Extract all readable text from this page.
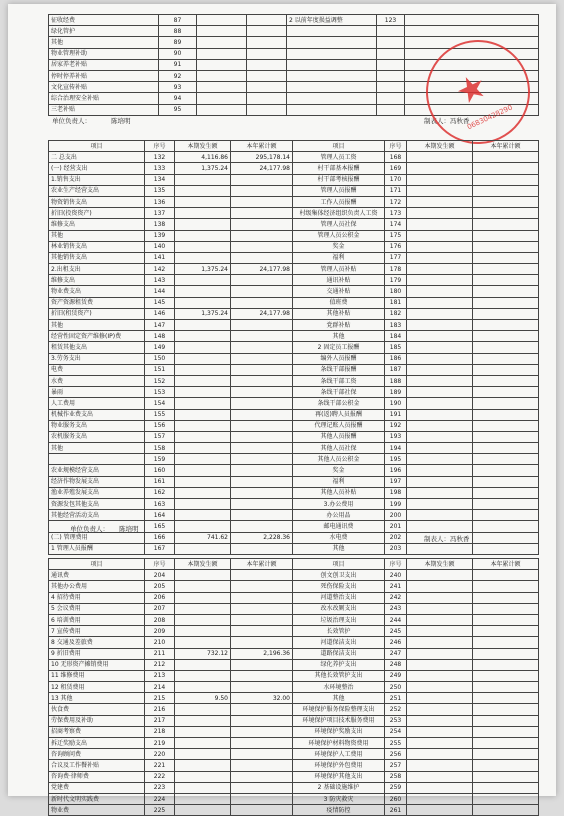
征收经费	87			2 以前年度损益调整	123	
绿化管护	88					
其他	89					
物业管理补助	90					
居家养老补贴	91					
停时停养补贴	92					
文化宣传补贴	93					
综合治理安全补贴	94					
三老补贴	95					
单位负责人：	陈培明	制表人：冯秋香
★
06830428290
项目	序号	本期发生额	本年累计额	项目	序号	本期发生额	本年累计额
二 总支出	132	4,116.86	295,178.14	管理人员工资	168		
(一) 经营支出	133	1,375.24	24,177.98	村干部基本报酬	169		
1.销售支出	134			村干部考核报酬	170		
农业生产经营支出	135			管理人员报酬	171		
物资销售支出	136			工作人员报酬	172		
折旧(投资资产)	137			村级集体经济组织负责人工资	173		
维修支出	138			管理人员社保	174		
其他	139			管理人员公积金	175		
林业销售支出	140			奖金	176		
其他销售支出	141			福利	177		
2.出租支出	142	1,375.24	24,177.98	管理人员补贴	178		
维修支出	143			通讯补贴	179		
物业费支出	144			交通补贴	180		
资产资源租赁费	145			值班费	181		
折旧(租赁资产)	146	1,375.24	24,177.98	其他补贴	182		
其他	147			党群补贴	183		
经营性固定资产维修(IP)费	148			其他	184		
租赁其他支出	149			2 固定员工报酬	185		
3.劳务支出	150			编外人员报酬	186		
电费	151			条线干部报酬	187		
水费	152			条线干部工资	188		
暴雨	153			条线干部社保	189		
人工费用	154			条线干部公积金	190		
机械作业费支出	155			再(返)聘人员报酬	191		
物业服务支出	156			代理记账人员报酬	192		
农机服务支出	157			其他人员报酬	193		
其他	158			其他人员社保	194		
	159			其他人员公积金	195		
农业规模经营支出	160			奖金	196		
经济作物发展支出	161			福利	197		
渔业养殖发展支出	162			其他人员补贴	198		
资源发包其他支出	163			3.办公费用	199		
其他经营活动支出	164			办公用品	200		
	165			邮电通讯费	201		
(二) 管理费用	166	741.62	2,228.36	水电费	202		
1 管理人员报酬	167			其他	203		
单位负责人： 陈培明
制表人：冯秋香
项目	序号	本期发生额	本年累计额	项目	序号	本期发生额	本年累计额
通讯费	204			创文创卫支出	240		
其他办公费用	205			死伤保险支出	241		
4 招待费用	206			河道整治支出	242		
5 会议费用	207			改水改厕支出	243		
6 培训费用	208			垃圾治理支出	244		
7 宣传费用	209			长效管护	245		
8 交通及差旅费	210			河道保洁支出	246		
9 折旧费用	211	732.12	2,196.36	道路保洁支出	247		
10 无形资产摊销费用	212			绿化养护支出	248		
11 维修费用	213			其他长效管护支出	249		
12 租赁费用	214			水环境整治	250		
13 其他	215	9.50	32.00	其他	251		
伙食费	216			环境保护服务保险整理支出	252		
劳保费用及补助	217			环境保护项目技术服务费用	253		
招商考察费	218			环境保护奖励支出	254		
拆迁奖励支出	219			环境保护材料物资费用	255		
咨询顾问费	220			环境保护人工费用	256		
合议及工作餐补贴	221			环境保护外包费用	257		
咨询费·律师费	222			环境保护其他支出	258		
党建费	223			2 基础设施维护	259		
新时代文明实践费	224			3 防灾救灾	260		
物业费	225			疫情防控	261		
